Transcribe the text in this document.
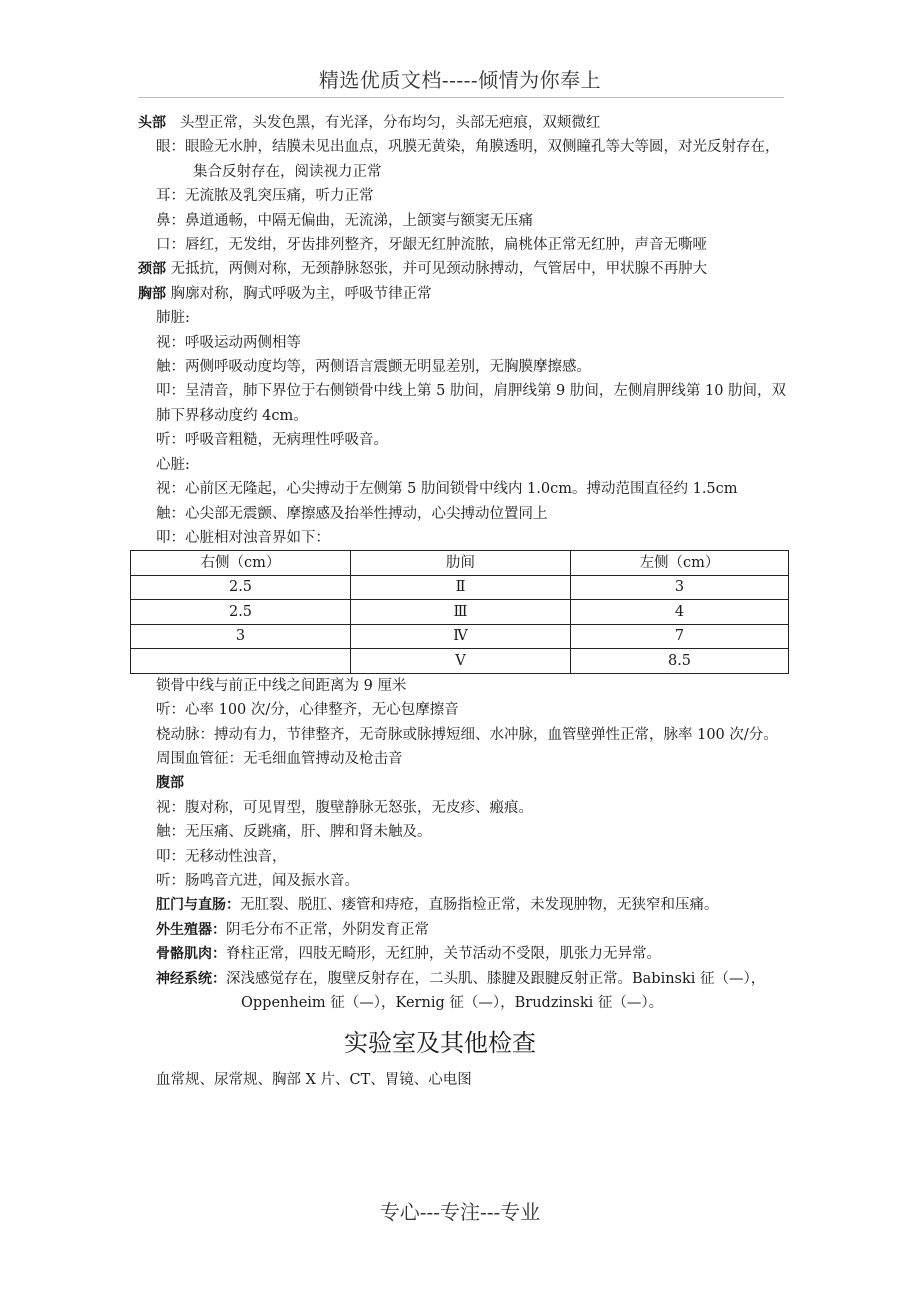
精选优质文档-----倾情为你奉上
头部 头型正常，头发色黑，有光泽，分布均匀，头部无疤痕，双颊微红
眼：眼睑无水肿，结膜未见出血点，巩膜无黄染，角膜透明，双侧瞳孔等大等圆，对光反射存在，集合反射存在，阅读视力正常
耳：无流脓及乳突压痛，听力正常
鼻：鼻道通畅，中隔无偏曲，无流涕，上颌窦与额窦无压痛
口：唇红，无发绀，牙齿排列整齐，牙龈无红肿流脓，扁桃体正常无红肿，声音无嘶哑
颈部 无抵抗，两侧对称，无颈静脉怒张，并可见颈动脉搏动，气管居中，甲状腺不再肿大
胸部 胸廓对称，胸式呼吸为主，呼吸节律正常
肺脏:
视：呼吸运动两侧相等
触：两侧呼吸动度均等，两侧语言震颤无明显差别，无胸膜摩擦感。
叩：呈清音，肺下界位于右侧锁骨中线上第 5 肋间，肩胛线第 9 肋间，左侧肩胛线第 10 肋间，双肺下界移动度约 4cm。
听：呼吸音粗糙，无病理性呼吸音。
心脏:
视：心前区无隆起，心尖搏动于左侧第 5 肋间锁骨中线内 1.0cm。搏动范围直径约 1.5cm
触：心尖部无震颤、摩擦感及抬举性搏动，心尖搏动位置同上
叩：心脏相对浊音界如下：
右侧（cm）	肋间	左侧（cm）
2.5	Ⅱ	3
2.5	Ⅲ	4
3	Ⅳ	7
	Ⅴ	8.5
锁骨中线与前正中线之间距离为 9 厘米
听：心率 100 次/分，心律整齐，无心包摩擦音
桡动脉：搏动有力，节律整齐，无奇脉或脉搏短细、水冲脉，血管壁弹性正常，脉率 100 次/分。
周围血管征：无毛细血管搏动及枪击音
腹部
视：腹对称，可见胃型，腹壁静脉无怒张，无皮疹、瘢痕。
触：无压痛、反跳痛，肝、脾和肾未触及。
叩：无移动性浊音，
听：肠鸣音亢进，闻及振水音。
肛门与直肠：无肛裂、脱肛、瘘管和痔疮，直肠指检正常，未发现肿物，无狭窄和压痛。
外生殖器：阴毛分布不正常，外阴发育正常
骨骼肌肉：脊柱正常，四肢无畸形，无红肿，关节活动不受限，肌张力无异常。
神经系统：深浅感觉存在，腹壁反射存在，二头肌、膝腱及跟腱反射正常。Babinski 征（—），Oppenheim 征（—），Kernig 征（—），Brudzinski 征（—）。
实验室及其他检查
血常规、尿常规、胸部 X 片、CT、胃镜、心电图
专心---专注---专业
